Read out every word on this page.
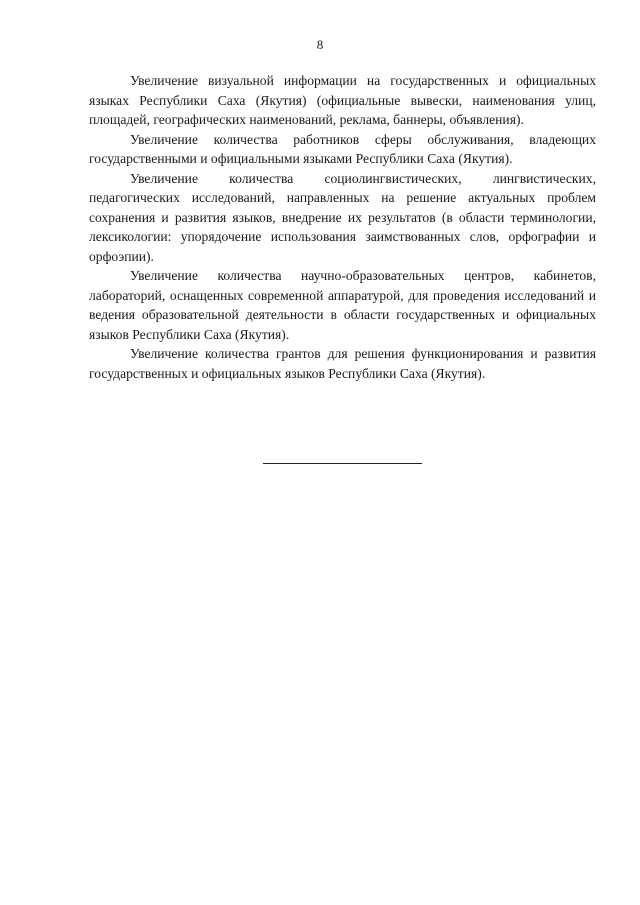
8

Увеличение визуальной информации на государственных и официальных языках Республики Саха (Якутия) (официальные вывески, наименования улиц, площадей, географических наименований, реклама, баннеры, объявления).

Увеличение количества работников сферы обслуживания, владеющих государственными и официальными языками Республики Саха (Якутия).

Увеличение количества социолингвистических, лингвистических, педагогических исследований, направленных на решение актуальных проблем сохранения и развития языков, внедрение их результатов (в области терминологии, лексикологии: упорядочение использования заимствованных слов, орфографии и орфоэпии).

Увеличение количества научно-образовательных центров, кабинетов, лабораторий, оснащенных современной аппаратурой, для проведения исследований и ведения образовательной деятельности в области государственных и официальных языков Республики Саха (Якутия).

Увеличение количества грантов для решения функционирования и развития государственных и официальных языков Республики Саха (Якутия).
